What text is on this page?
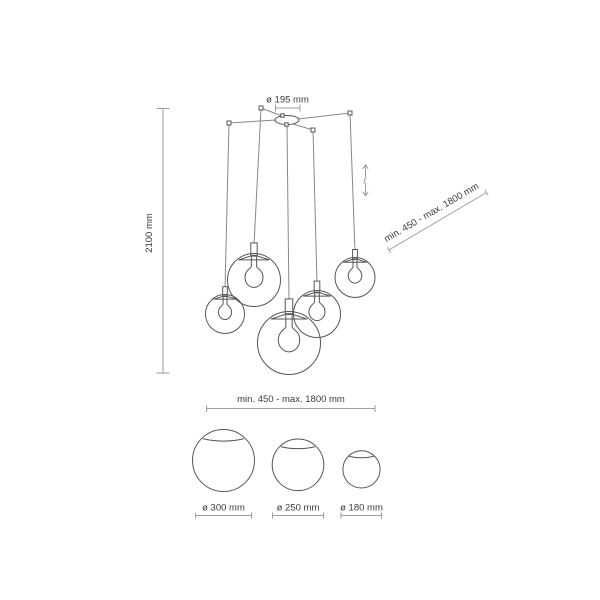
ø 195 mm
2100 mm	min. 450 - max. 1800 mm
min. 450 - max. 1800 mm
ø 300 mm	ø 250 mm ø 180 mm
